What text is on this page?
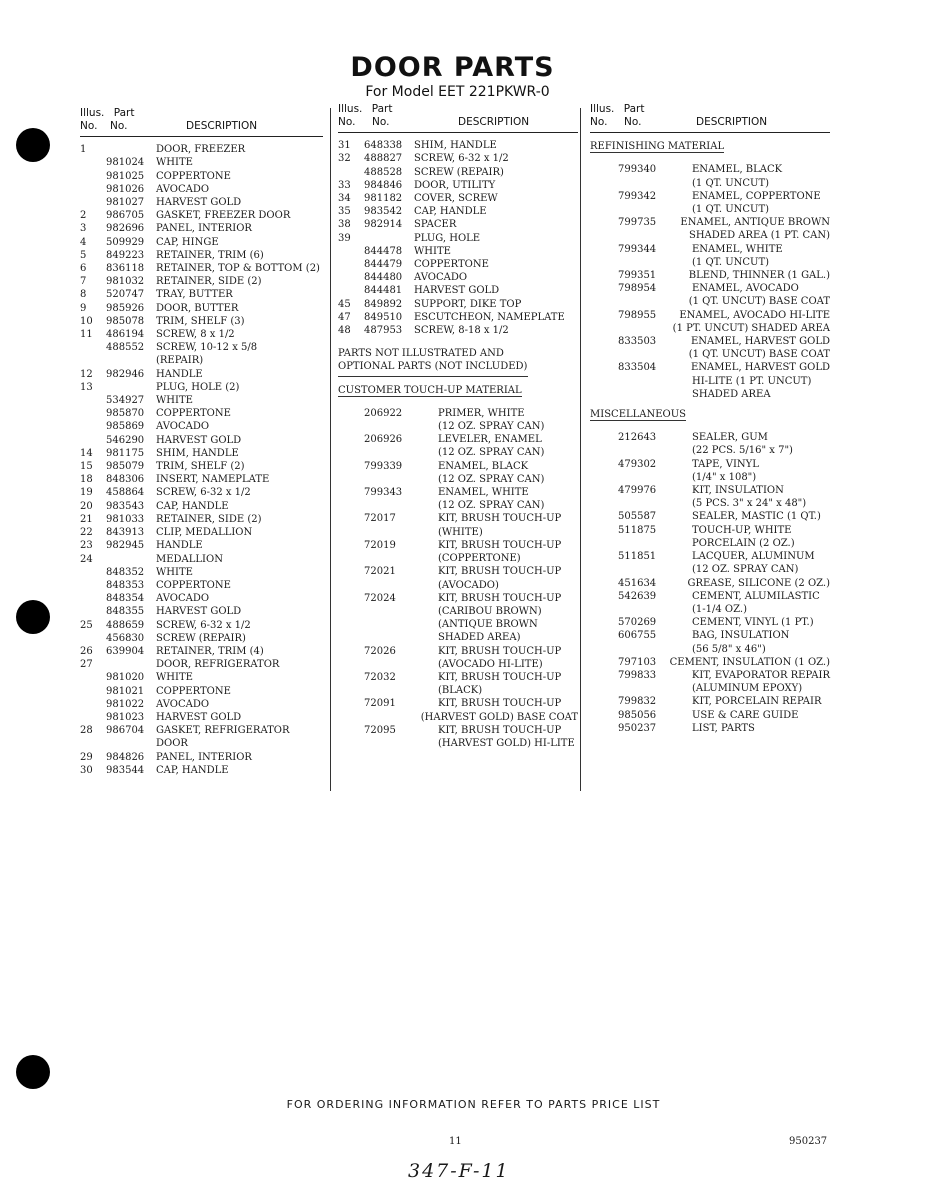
DOOR PARTS
For Model EET 221PKWR-0
Illus. Part
No.	No.	DESCRIPTION
1	DOOR, FREEZER
981024	WHITE
981025	COPPERTONE
981026	AVOCADO
981027	HARVEST GOLD
2	986705	GASKET, FREEZER DOOR
3	982696	PANEL, INTERIOR
4	509929	CAP, HINGE
5	849223	RETAINER, TRIM (6)
6	836118	RETAINER, TOP & BOTTOM (2)
7	981032	RETAINER, SIDE (2)
8	520747	TRAY, BUTTER
9	985926	DOOR, BUTTER
10	985078	TRIM, SHELF (3)
11	486194	SCREW, 8 x 1/2
488552	SCREW, 10-12 x 5/8
(REPAIR)
12	982946	HANDLE
13	PLUG, HOLE (2)
534927	WHITE
985870	COPPERTONE
985869	AVOCADO
546290	HARVEST GOLD
14	981175	SHIM, HANDLE
15	985079	TRIM, SHELF (2)
18	848306	INSERT, NAMEPLATE
19	458864	SCREW, 6-32 x 1/2
20	983543	CAP, HANDLE
21	981033	RETAINER, SIDE (2)
22	843913	CLIP, MEDALLION
23	982945	HANDLE
24	MEDALLION
848352	WHITE
848353	COPPERTONE
848354	AVOCADO
848355	HARVEST GOLD
25	488659	SCREW, 6-32 x 1/2
456830	SCREW (REPAIR)
26	639904	RETAINER, TRIM (4)
27	DOOR, REFRIGERATOR
981020	WHITE
981021	COPPERTONE
981022	AVOCADO
981023	HARVEST GOLD
28	986704	GASKET, REFRIGERATOR
DOOR
29	984826	PANEL, INTERIOR
30	983544	CAP, HANDLE
Illus. Part
No.	No.	DESCRIPTION
31	648338	SHIM, HANDLE
32	488827	SCREW, 6-32 x 1/2
488528	SCREW (REPAIR)
33	984846	DOOR, UTILITY
34	981182	COVER, SCREW
35	983542	CAP, HANDLE
38	982914	SPACER
39	PLUG, HOLE
844478	WHITE
844479	COPPERTONE
844480	AVOCADO
844481	HARVEST GOLD
45	849892	SUPPORT, DIKE TOP
47	849510	ESCUTCHEON, NAMEPLATE
48	487953	SCREW, 8-18 x 1/2
PARTS NOT ILLUSTRATED AND
OPTIONAL PARTS (NOT INCLUDED)
CUSTOMER TOUCH-UP MATERIAL
206922	PRIMER, WHITE
(12 OZ. SPRAY CAN)
206926	LEVELER, ENAMEL
(12 OZ. SPRAY CAN)
799339	ENAMEL, BLACK
(12 OZ. SPRAY CAN)
799343	ENAMEL, WHITE
(12 OZ. SPRAY CAN)
72017	KIT, BRUSH TOUCH-UP
(WHITE)
72019	KIT, BRUSH TOUCH-UP
(COPPERTONE)
72021	KIT, BRUSH TOUCH-UP
(AVOCADO)
72024	KIT, BRUSH TOUCH-UP
(CARIBOU BROWN)
(ANTIQUE BROWN
SHADED AREA)
72026	KIT, BRUSH TOUCH-UP
(AVOCADO HI-LITE)
72032	KIT, BRUSH TOUCH-UP
(BLACK)
72091	KIT, BRUSH TOUCH-UP
(HARVEST GOLD) BASE COAT
72095	KIT, BRUSH TOUCH-UP
(HARVEST GOLD) HI-LITE
Illus. Part
No.	No.	DESCRIPTION
REFINISHING MATERIAL
799340	ENAMEL, BLACK
(1 QT. UNCUT)
799342	ENAMEL, COPPERTONE
(1 QT. UNCUT)
799735	ENAMEL, ANTIQUE BROWN
SHADED AREA (1 PT. CAN)
799344	ENAMEL, WHITE
(1 QT. UNCUT)
799351	BLEND, THINNER (1 GAL.)
798954	ENAMEL, AVOCADO
(1 QT. UNCUT) BASE COAT
798955	ENAMEL, AVOCADO HI-LITE
(1 PT. UNCUT) SHADED AREA
833503	ENAMEL, HARVEST GOLD
(1 QT. UNCUT) BASE COAT
833504	ENAMEL, HARVEST GOLD
HI-LITE (1 PT. UNCUT)
SHADED AREA
MISCELLANEOUS
212643	SEALER, GUM
(22 PCS. 5/16" x 7")
479302	TAPE, VINYL
(1/4" x 108")
479976	KIT, INSULATION
(5 PCS. 3" x 24" x 48")
505587	SEALER, MASTIC (1 QT.)
511875	TOUCH-UP, WHITE
PORCELAIN (2 OZ.)
511851	LACQUER, ALUMINUM
(12 OZ. SPRAY CAN)
451634	GREASE, SILICONE (2 OZ.)
542639	CEMENT, ALUMILASTIC
(1-1/4 OZ.)
570269	CEMENT, VINYL (1 PT.)
606755	BAG, INSULATION
(56 5/8" x 46")
797103	CEMENT, INSULATION (1 OZ.)
799833	KIT, EVAPORATOR REPAIR
(ALUMINUM EPOXY)
799832	KIT, PORCELAIN REPAIR
985056	USE & CARE GUIDE
950237	LIST, PARTS
FOR ORDERING INFORMATION REFER TO PARTS PRICE LIST
11	950237
347-F-11
